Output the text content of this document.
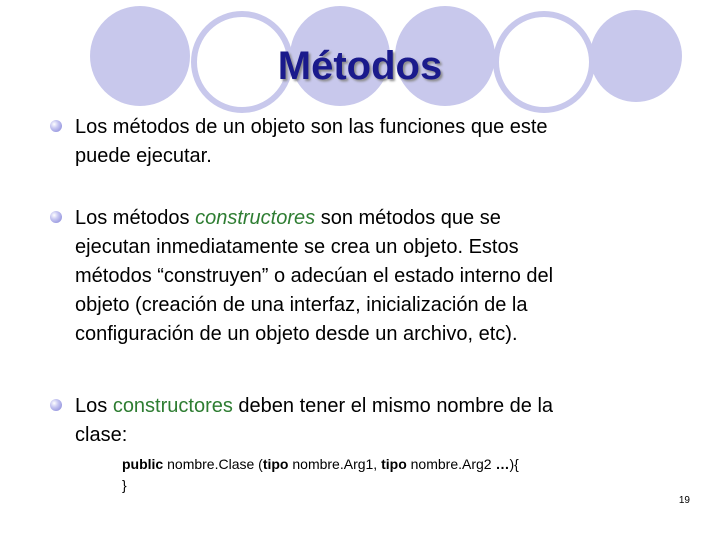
Métodos
Los métodos de un objeto son las funciones que este
puede ejecutar.
Los métodos constructores son métodos que se
ejecutan inmediatamente se crea un objeto. Estos
métodos “construyen” o adecúan el estado interno del
objeto (creación de una interfaz, inicialización de la
configuración de un objeto desde un archivo, etc).
Los constructores deben tener el mismo nombre de la
clase:
public nombre.Clase (tipo nombre.Arg1, tipo nombre.Arg2 …){
}
19
